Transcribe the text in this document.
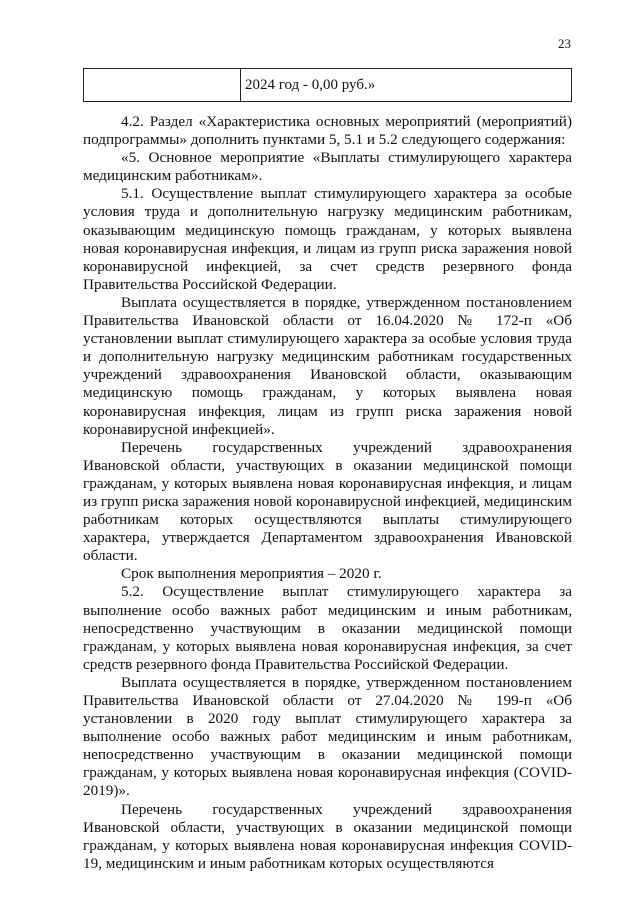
23
	2024 год - 0,00 руб.»

4.2. Раздел «Характеристика основных мероприятий (мероприятий) подпрограммы» дополнить пунктами 5, 5.1 и 5.2 следующего содержания:

«5. Основное мероприятие «Выплаты стимулирующего характера медицинским работникам».

5.1. Осуществление выплат стимулирующего характера за особые условия труда и дополнительную нагрузку медицинским работникам, оказывающим медицинскую помощь гражданам, у которых выявлена новая коронавирусная инфекция, и лицам из групп риска заражения новой коронавирусной инфекцией, за счет средств резервного фонда Правительства Российской Федерации.

Выплата осуществляется в порядке, утвержденном постановлением Правительства Ивановской области от 16.04.2020 № 172-п «Об установлении выплат стимулирующего характера за особые условия труда и дополнительную нагрузку медицинским работникам государственных учреждений здравоохранения Ивановской области, оказывающим медицинскую помощь гражданам, у которых выявлена новая коронавирусная инфекция, лицам из групп риска заражения новой коронавирусной инфекцией».

Перечень государственных учреждений здравоохранения Ивановской области, участвующих в оказании медицинской помощи гражданам, у которых выявлена новая коронавирусная инфекция, и лицам из групп риска заражения новой коронавирусной инфекцией, медицинским работникам которых осуществляются выплаты стимулирующего характера, утверждается Департаментом здравоохранения Ивановской области.

Срок выполнения мероприятия – 2020 г.

5.2. Осуществление выплат стимулирующего характера за выполнение особо важных работ медицинским и иным работникам, непосредственно участвующим в оказании медицинской помощи гражданам, у которых выявлена новая коронавирусная инфекция, за счет средств резервного фонда Правительства Российской Федерации.

Выплата осуществляется в порядке, утвержденном постановлением Правительства Ивановской области от 27.04.2020 № 199-п «Об установлении в 2020 году выплат стимулирующего характера за выполнение особо важных работ медицинским и иным работникам, непосредственно участвующим в оказании медицинской помощи гражданам, у которых выявлена новая коронавирусная инфекция (COVID-2019)».

Перечень государственных учреждений здравоохранения Ивановской области, участвующих в оказании медицинской помощи гражданам, у которых выявлена новая коронавирусная инфекция COVID-19, медицинским и иным работникам которых осуществляются
